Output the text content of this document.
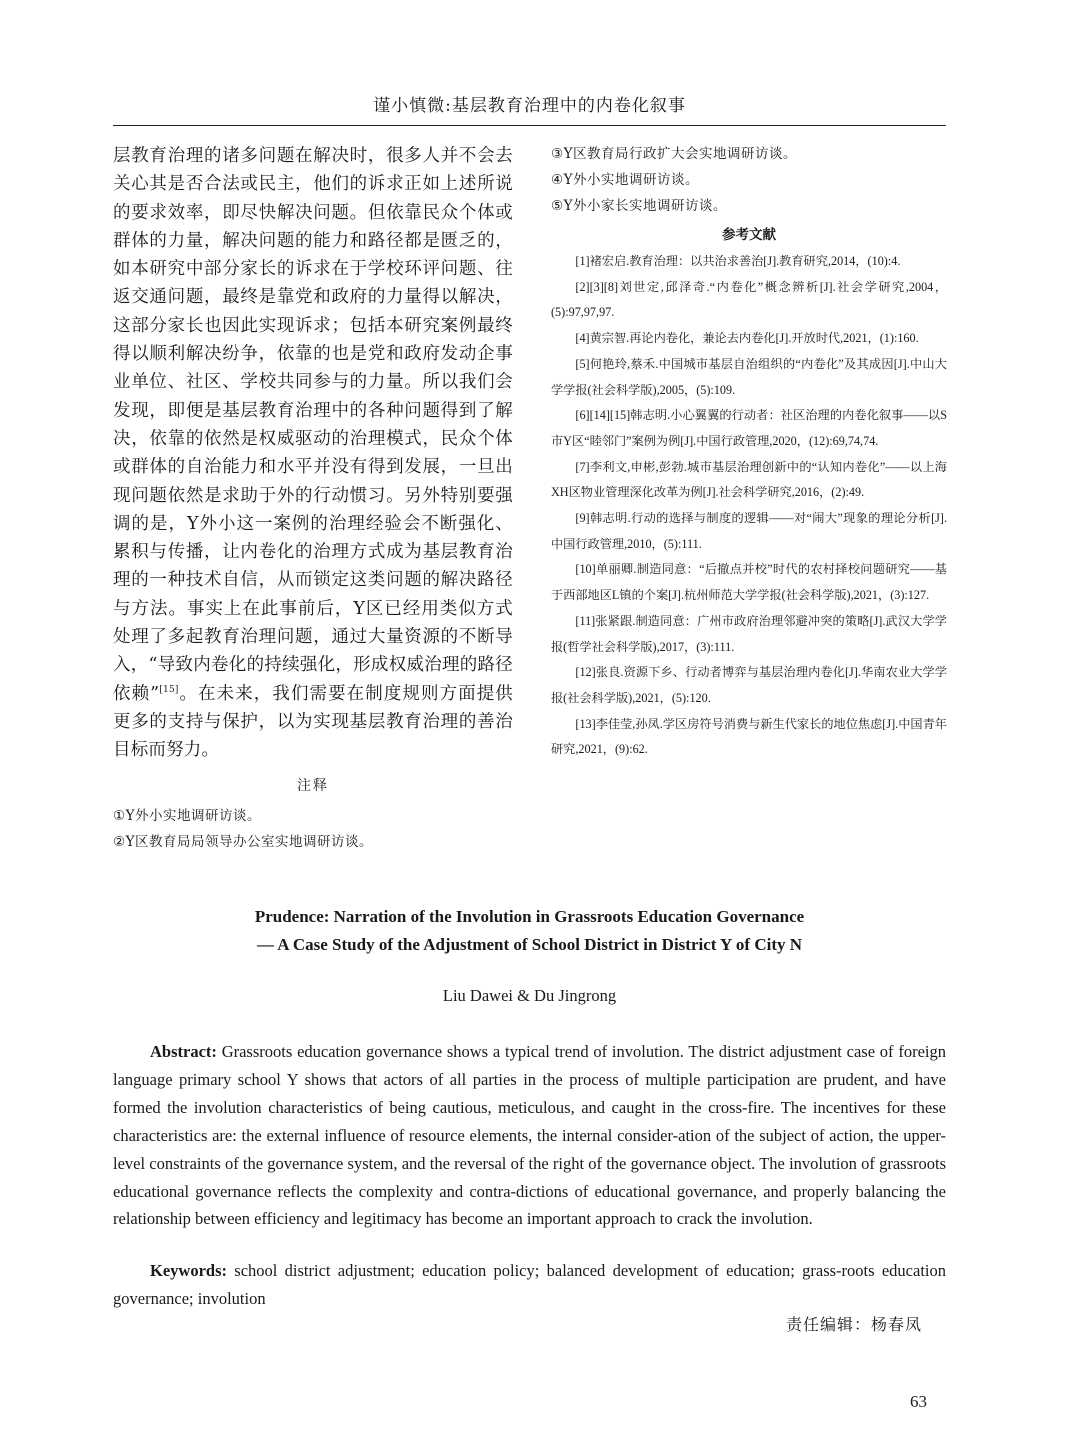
谨小慎微:基层教育治理中的内卷化叙事

层教育治理的诸多问题在解决时，很多人并不会去关心其是否合法或民主，他们的诉求正如上述所说的要求效率，即尽快解决问题。但依靠民众个体或群体的力量，解决问题的能力和路径都是匮乏的，如本研究中部分家长的诉求在于学校环评问题、往返交通问题，最终是靠党和政府的力量得以解决，这部分家长也因此实现诉求；包括本研究案例最终得以顺利解决纷争，依靠的也是党和政府发动企事业单位、社区、学校共同参与的力量。所以我们会发现，即便是基层教育治理中的各种问题得到了解决，依靠的依然是权威驱动的治理模式，民众个体或群体的自治能力和水平并没有得到发展，一旦出现问题依然是求助于外的行动惯习。另外特别要强调的是，Y外小这一案例的治理经验会不断强化、累积与传播，让内卷化的治理方式成为基层教育治理的一种技术自信，从而锁定这类问题的解决路径与方法。事实上在此事前后，Y区已经用类似方式处理了多起教育治理问题，通过大量资源的不断导入，“导致内卷化的持续强化，形成权威治理的路径依赖”[15]。在未来，我们需要在制度规则方面提供更多的支持与保护，以为实现基层教育治理的善治目标而努力。

注释

①Y外小实地调研访谈。

②Y区教育局局领导办公室实地调研访谈。

③Y区教育局行政扩大会实地调研访谈。

④Y外小实地调研访谈。

⑤Y外小家长实地调研访谈。

参考文献

[1]褚宏启.教育治理：以共治求善治[J].教育研究,2014，(10):4.

[2][3][8]刘世定,邱泽奇.“内卷化”概念辨析[J].社会学研究,2004，(5):97,97,97.

[4]黄宗智.再论内卷化，兼论去内卷化[J].开放时代,2021，(1):160.

[5]何艳玲,蔡禾.中国城市基层自治组织的“内卷化”及其成因[J].中山大学学报(社会科学版),2005，(5):109.

[6][14][15]韩志明.小心翼翼的行动者：社区治理的内卷化叙事——以S市Y区“睦邻门”案例为例[J].中国行政管理,2020，(12):69,74,74.

[7]李利文,申彬,彭勃.城市基层治理创新中的“认知内卷化”——以上海XH区物业管理深化改革为例[J].社会科学研究,2016，(2):49.

[9]韩志明.行动的选择与制度的逻辑——对“闹大”现象的理论分析[J].中国行政管理,2010，(5):111.

[10]单丽卿.制造同意：“后撤点并校”时代的农村择校问题研究——基于西部地区L镇的个案[J].杭州师范大学学报(社会科学版),2021，(3):127.

[11]张紧跟.制造同意：广州市政府治理邻避冲突的策略[J].武汉大学学报(哲学社会科学版),2017，(3):111.

[12]张良.资源下乡、行动者博弈与基层治理内卷化[J].华南农业大学学报(社会科学版),2021，(5):120.

[13]李佳莹,孙凤.学区房符号消费与新生代家长的地位焦虑[J].中国青年研究,2021，(9):62.

Prudence: Narration of the Involution in Grassroots Education Governance
— A Case Study of the Adjustment of School District in District Y of City N
Liu Dawei & Du Jingrong

Abstract: Grassroots education governance shows a typical trend of involution. The district adjustment case of foreign language primary school Y shows that actors of all parties in the process of multiple participation are prudent, and have formed the involution characteristics of being cautious, meticulous, and caught in the cross-fire. The incentives for these characteristics are: the external influence of resource elements, the internal consider-ation of the subject of action, the upper-level constraints of the governance system, and the reversal of the right of the governance object. The involution of grassroots educational governance reflects the complexity and contra-dictions of educational governance, and properly balancing the relationship between efficiency and legitimacy has become an important approach to crack the involution.

Keywords: school district adjustment; education policy; balanced development of education; grass-roots education governance; involution

责任编辑：杨春凤
63
